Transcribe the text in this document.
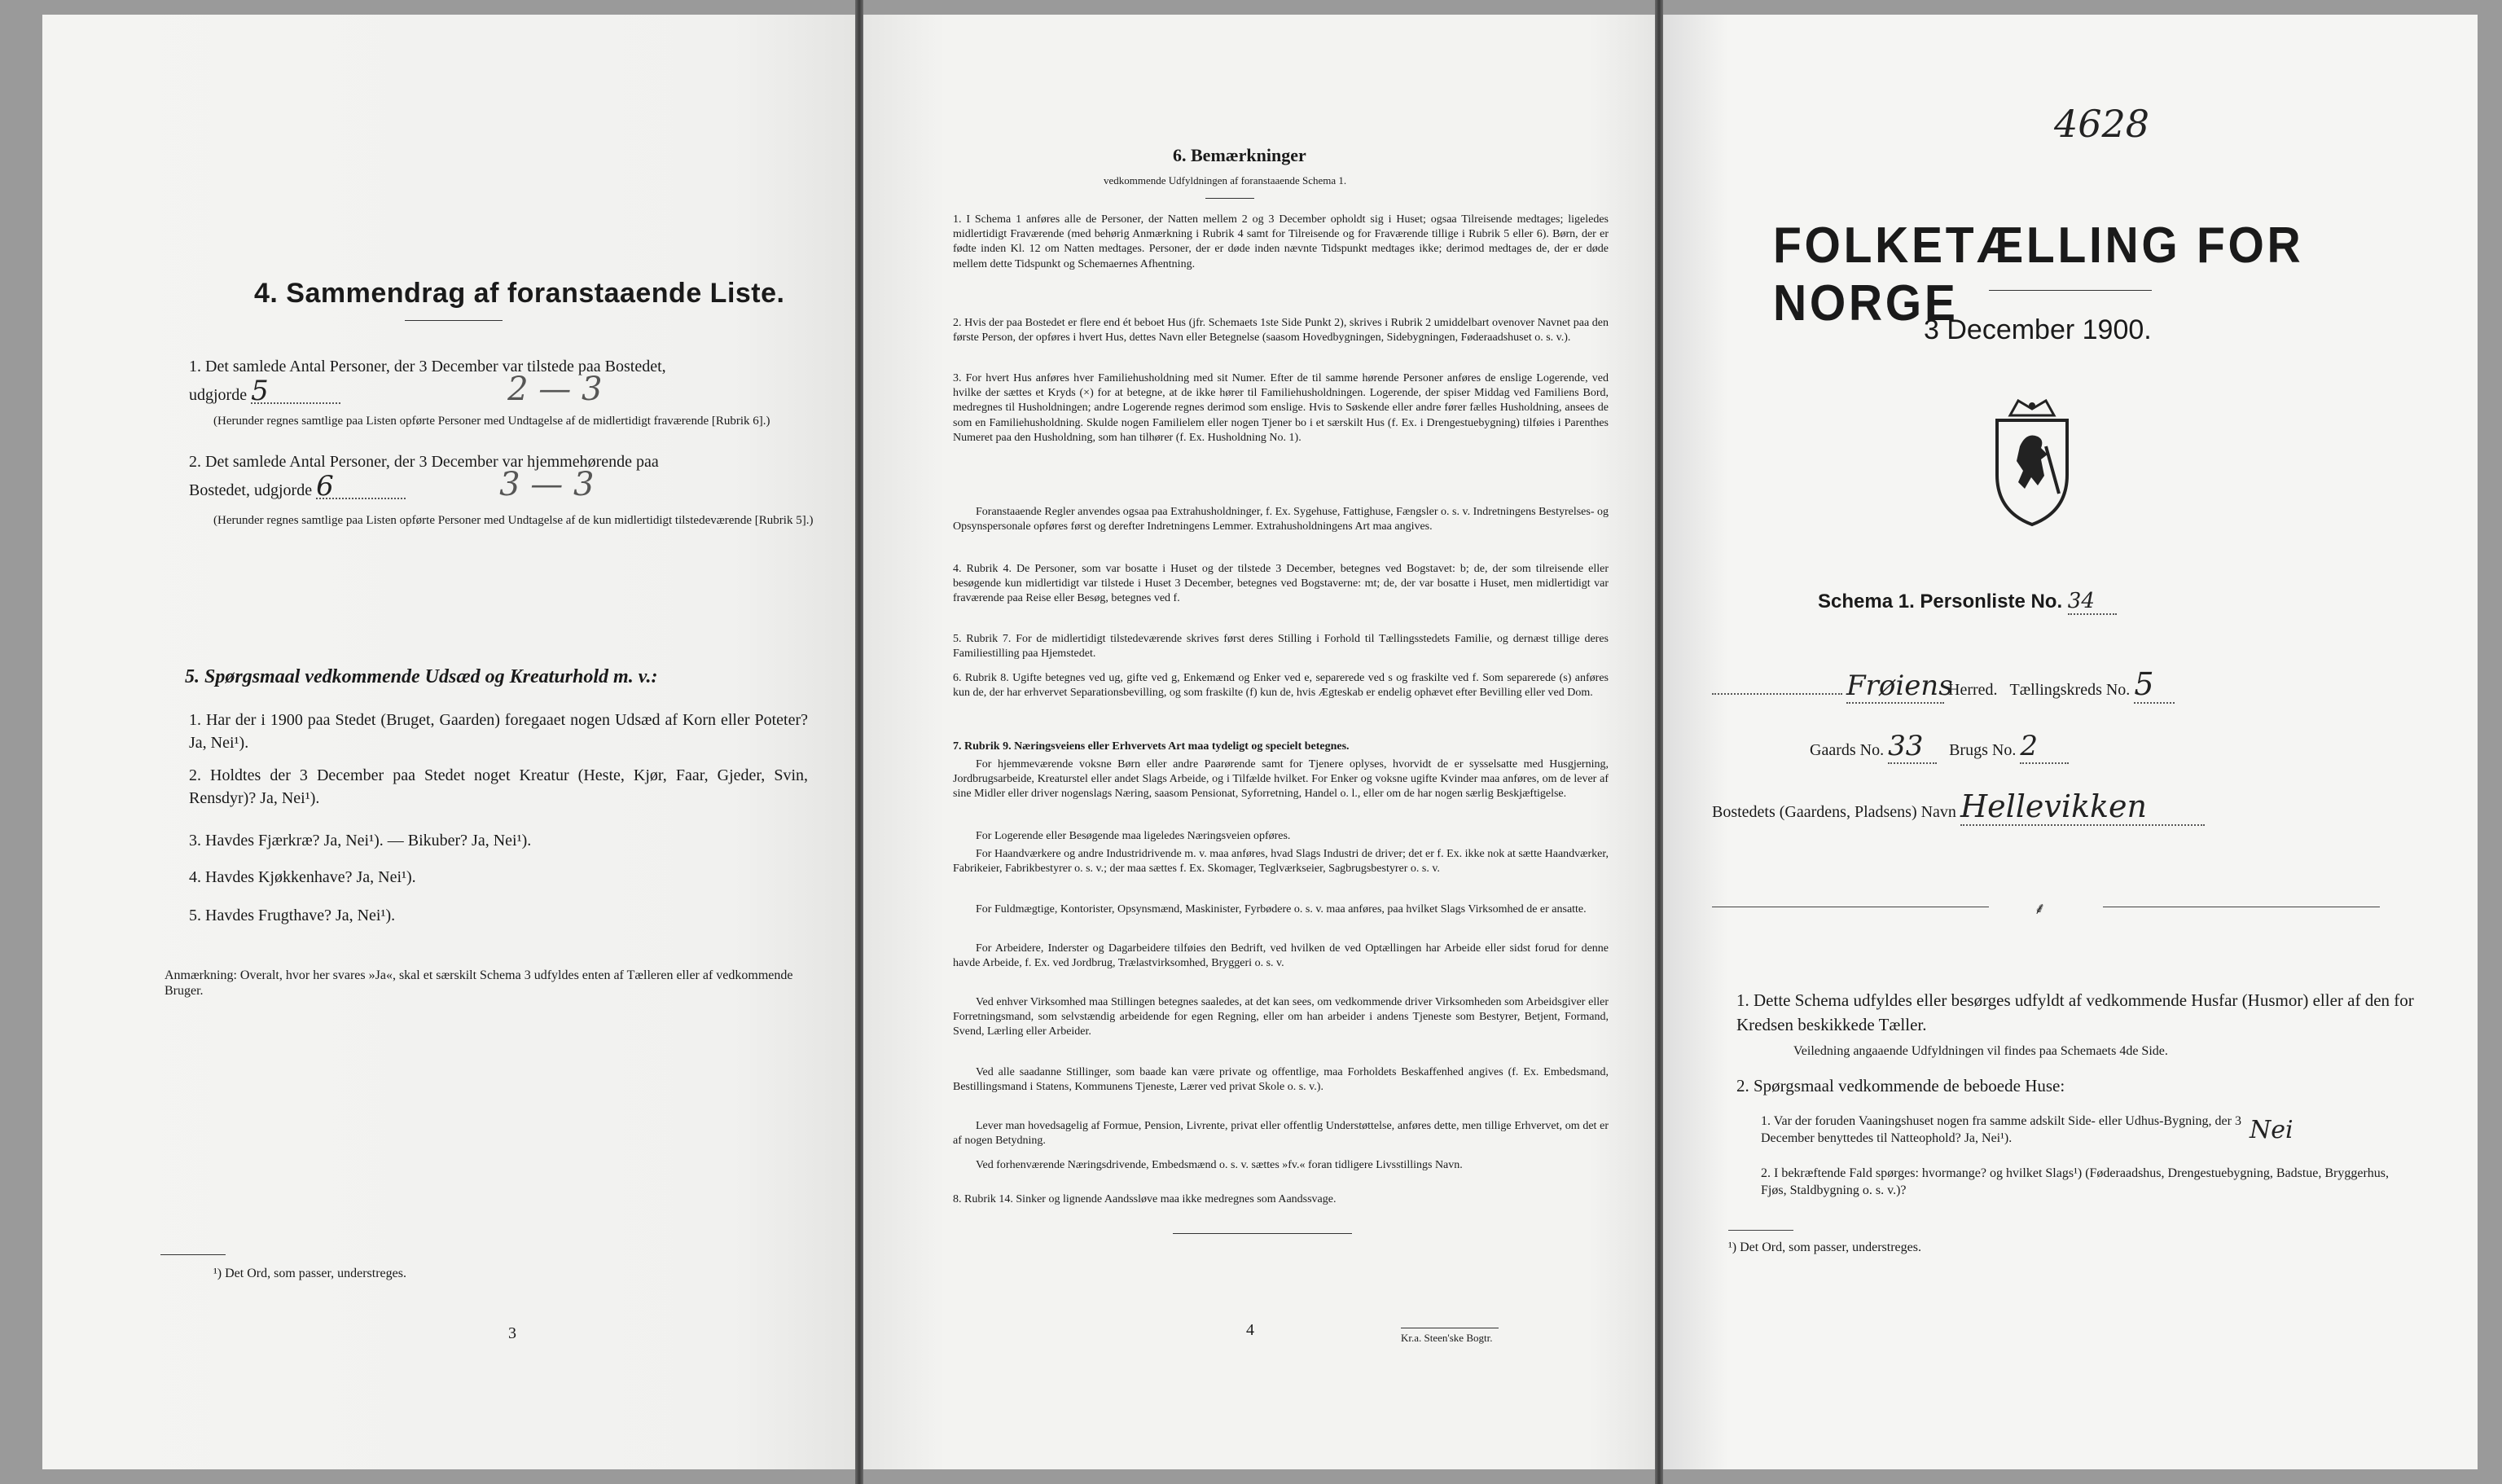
4. Sammendrag af foranstaaende Liste.
1. Det samlede Antal Personer, der 3 December var tilstede paa Bostedet,
udgjorde 5	2 — 3
(Herunder regnes samtlige paa Listen opførte Personer med Undtagelse af de midlertidigt fraværende [Rubrik 6].)
2. Det samlede Antal Personer, der 3 December var hjemmehørende paa
Bostedet, udgjorde 6	3 — 3
(Herunder regnes samtlige paa Listen opførte Personer med Undtagelse af de kun midlertidigt tilstedeværende [Rubrik 5].)
5. Spørgsmaal vedkommende Udsæd og Kreaturhold m. v.:
1. Har der i 1900 paa Stedet (Bruget, Gaarden) foregaaet nogen Udsæd af Korn eller Poteter? Ja, Nei¹).
2. Holdtes der 3 December paa Stedet noget Kreatur (Heste, Kjør, Faar, Gjeder, Svin, Rensdyr)? Ja, Nei¹).
3. Havdes Fjærkræ? Ja, Nei¹). — Bikuber? Ja, Nei¹).
4. Havdes Kjøkkenhave? Ja, Nei¹).
5. Havdes Frugthave? Ja, Nei¹).
Anmærkning: Overalt, hvor her svares »Ja«, skal et særskilt Schema 3 udfyldes enten af Tælleren eller af vedkommende Bruger.
¹) Det Ord, som passer, understreges.
3
6. Bemærkninger
vedkommende Udfyldningen af foranstaaende Schema 1.
1. I Schema 1 anføres alle de Personer, der Natten mellem 2 og 3 December opholdt sig i Huset; ogsaa Tilreisende medtages; ligeledes midlertidigt Fraværende (med behørig Anmærkning i Rubrik 4 samt for Tilreisende og for Fraværende tillige i Rubrik 5 eller 6). Børn, der er fødte inden Kl. 12 om Natten medtages. Personer, der er døde inden nævnte Tidspunkt medtages ikke; derimod medtages de, der er døde mellem dette Tidspunkt og Schemaernes Afhentning.
2. Hvis der paa Bostedet er flere end ét beboet Hus (jfr. Schemaets 1ste Side Punkt 2), skrives i Rubrik 2 umiddelbart ovenover Navnet paa den første Person, der opføres i hvert Hus, dettes Navn eller Betegnelse (saasom Hovedbygningen, Sidebygningen, Føderaadshuset o. s. v.).
3. For hvert Hus anføres hver Familiehusholdning med sit Numer. Efter de til samme hørende Personer anføres de enslige Logerende, ved hvilke der sættes et Kryds (×) for at betegne, at de ikke hører til Familiehusholdningen. Logerende, der spiser Middag ved Familiens Bord, medregnes til Husholdningen; andre Logerende regnes derimod som enslige. Hvis to Søskende eller andre fører fælles Husholdning, ansees de som en Familiehusholdning. Skulde nogen Familielem eller nogen Tjener bo i et særskilt Hus (f. Ex. i Drengestuebygning) tilføies i Parenthes Numeret paa den Husholdning, som han tilhører (f. Ex. Husholdning No. 1).
Foranstaaende Regler anvendes ogsaa paa Extrahusholdninger, f. Ex. Sygehuse, Fattighuse, Fængsler o. s. v. Indretningens Bestyrelses- og Opsynspersonale opføres først og derefter Indretningens Lemmer. Extrahusholdningens Art maa angives.
4. Rubrik 4. De Personer, som var bosatte i Huset og der tilstede 3 December, betegnes ved Bogstavet: b; de, der som tilreisende eller besøgende kun midlertidigt var tilstede i Huset 3 December, betegnes ved Bogstaverne: mt; de, der var bosatte i Huset, men midlertidigt var fraværende paa Reise eller Besøg, betegnes ved f.
5. Rubrik 7. For de midlertidigt tilstedeværende skrives først deres Stilling i Forhold til Tællingsstedets Familie, og dernæst tillige deres Familiestilling paa Hjemstedet.
6. Rubrik 8. Ugifte betegnes ved ug, gifte ved g, Enkemænd og Enker ved e, separerede ved s og fraskilte ved f. Som separerede (s) anføres kun de, der har erhvervet Separationsbevilling, og som fraskilte (f) kun de, hvis Ægteskab er endelig ophævet efter Bevilling eller ved Dom.
7. Rubrik 9. Næringsveiens eller Erhvervets Art maa tydeligt og specielt betegnes.
For hjemmeværende voksne Børn eller andre Paarørende samt for Tjenere oplyses, hvorvidt de er sysselsatte med Husgjerning, Jordbrugsarbeide, Kreaturstel eller andet Slags Arbeide, og i Tilfælde hvilket. For Enker og voksne ugifte Kvinder maa anføres, om de lever af sine Midler eller driver nogenslags Næring, saasom Pensionat, Syforretning, Handel o. l., eller om de har nogen særlig Beskjæftigelse.
For Logerende eller Besøgende maa ligeledes Næringsveien opføres.
For Haandværkere og andre Industridrivende m. v. maa anføres, hvad Slags Industri de driver; det er f. Ex. ikke nok at sætte Haandværker, Fabrikeier, Fabrikbestyrer o. s. v.; der maa sættes f. Ex. Skomager, Teglværkseier, Sagbrugsbestyrer o. s. v.
For Fuldmægtige, Kontorister, Opsynsmænd, Maskinister, Fyrbødere o. s. v. maa anføres, paa hvilket Slags Virksomhed de er ansatte.
For Arbeidere, Inderster og Dagarbeidere tilføies den Bedrift, ved hvilken de ved Optællingen har Arbeide eller sidst forud for denne havde Arbeide, f. Ex. ved Jordbrug, Trælastvirksomhed, Bryggeri o. s. v.
Ved enhver Virksomhed maa Stillingen betegnes saaledes, at det kan sees, om vedkommende driver Virksomheden som Arbeidsgiver eller Forretningsmand, som selvstændig arbeidende for egen Regning, eller om han arbeider i andens Tjeneste som Bestyrer, Betjent, Formand, Svend, Lærling eller Arbeider.
Ved alle saadanne Stillinger, som baade kan være private og offentlige, maa Forholdets Beskaffenhed angives (f. Ex. Embedsmand, Bestillingsmand i Statens, Kommunens Tjeneste, Lærer ved privat Skole o. s. v.).
Lever man hovedsagelig af Formue, Pension, Livrente, privat eller offentlig Understøttelse, anføres dette, men tillige Erhvervet, om det er af nogen Betydning.
Ved forhenværende Næringsdrivende, Embedsmænd o. s. v. sættes »fv.« foran tidligere Livsstillings Navn.
8. Rubrik 14. Sinker og lignende Aandssløve maa ikke medregnes som Aandssvage.
4	Kr.a. Steen'ske Bogtr.
4628
FOLKETÆLLING FOR NORGE
3 December 1900.
Schema 1. Personliste No. 34
Frøiens Herred. Tællingskreds No. 5
Gaards No. 33 Brugs No. 2
Bostedets (Gaardens, Pladsens) Navn Hellevikken
⸙
1. Dette Schema udfyldes eller besørges udfyldt af vedkommende Husfar (Husmor) eller af den for Kredsen beskikkede Tæller.
Veiledning angaaende Udfyldningen vil findes paa Schemaets 4de Side.
2. Spørgsmaal vedkommende de beboede Huse:
1. Var der foruden Vaaningshuset nogen fra samme adskilt Side- eller Udhus-Bygning, der 3 December benyttedes til Natteophold? Ja, Nei¹).	Nei
2. I bekræftende Fald spørges: hvormange? og hvilket Slags¹) (Føderaadshus, Drengestuebygning, Badstue, Bryggerhus, Fjøs, Staldbygning o. s. v.)?
¹) Det Ord, som passer, understreges.
